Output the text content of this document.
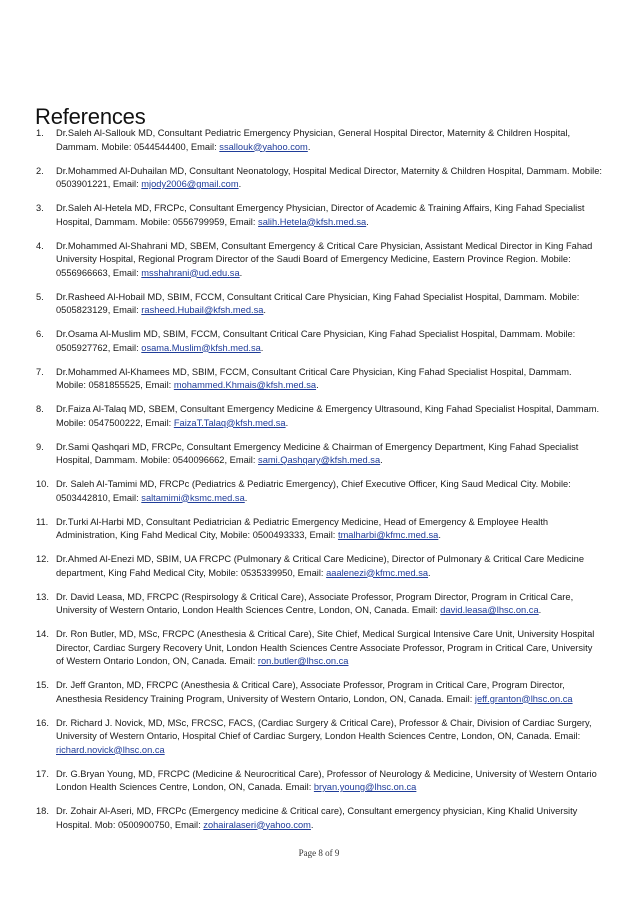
References
1.	Dr.Saleh Al-Sallouk MD, Consultant Pediatric Emergency Physician, General Hospital Director, Maternity & Children Hospital, Dammam. Mobile: 0544544400, Email: ssallouk@yahoo.com.
2.	Dr.Mohammed Al-Duhailan MD, Consultant Neonatology, Hospital Medical Director, Maternity & Children Hospital, Dammam. Mobile: 0503901221, Email: mjody2006@gmail.com.
3.	Dr.Saleh Al-Hetela MD, FRCPc, Consultant Emergency Physician, Director of Academic & Training Affairs, King Fahad Specialist Hospital, Dammam. Mobile: 0556799959, Email: salih.Hetela@kfsh.med.sa.
4.	Dr.Mohammed Al-Shahrani MD, SBEM, Consultant Emergency & Critical Care Physician, Assistant Medical Director in King Fahad University Hospital, Regional Program Director of the Saudi Board of Emergency Medicine, Eastern Province Region. Mobile: 0556966663, Email: msshahrani@ud.edu.sa.
5.	Dr.Rasheed Al-Hobail MD, SBIM, FCCM, Consultant Critical Care Physician, King Fahad Specialist Hospital, Dammam. Mobile: 0505823129, Email: rasheed.Hubail@kfsh.med.sa.
6.	Dr.Osama Al-Muslim MD, SBIM, FCCM, Consultant Critical Care Physician, King Fahad Specialist Hospital, Dammam. Mobile: 0505927762, Email: osama.Muslim@kfsh.med.sa.
7.	Dr.Mohammed Al-Khamees MD, SBIM, FCCM, Consultant Critical Care Physician, King Fahad Specialist Hospital, Dammam. Mobile: 0581855525, Email: mohammed.Khmais@kfsh.med.sa.
8.	Dr.Faiza Al-Talaq MD, SBEM, Consultant Emergency Medicine & Emergency Ultrasound, King Fahad Specialist Hospital, Dammam. Mobile: 0547500222, Email: FaizaT.Talaq@kfsh.med.sa.
9.	Dr.Sami Qashqari MD, FRCPc, Consultant Emergency Medicine & Chairman of Emergency Department, King Fahad Specialist Hospital, Dammam. Mobile: 0540096662, Email: sami.Qashqary@kfsh.med.sa.
10. Dr. Saleh Al-Tamimi MD, FRCPc (Pediatrics & Pediatric Emergency), Chief Executive Officer, King Saud Medical City. Mobile: 0503442810, Email: saltamimi@ksmc.med.sa.
11. Dr.Turki Al-Harbi MD, Consultant Pediatrician & Pediatric Emergency Medicine, Head of Emergency & Employee Health Administration, King Fahd Medical City, Mobile: 0500493333, Email: tmalharbi@kfmc.med.sa.
12. Dr.Ahmed Al-Enezi MD, SBIM, UA FRCPC (Pulmonary & Critical Care Medicine), Director of Pulmonary & Critical Care Medicine department, King Fahd Medical City, Mobile: 0535339950, Email: aaalenezi@kfmc.med.sa.
13. Dr. David Leasa, MD, FRCPC (Respirsology & Critical Care), Associate Professor, Program Director, Program in Critical Care, University of Western Ontario, London Health Sciences Centre, London, ON, Canada. Email: david.leasa@lhsc.on.ca.
14. Dr. Ron Butler, MD, MSc, FRCPC (Anesthesia & Critical Care), Site Chief, Medical Surgical Intensive Care Unit, University Hospital Director, Cardiac Surgery Recovery Unit, London Health Sciences Centre Associate Professor, Program in Critical Care, University of Western Ontario London, ON, Canada. Email: ron.butler@lhsc.on.ca
15. Dr. Jeff Granton, MD, FRCPC (Anesthesia & Critical Care), Associate Professor, Program in Critical Care, Program Director, Anesthesia Residency Training Program, University of Western Ontario, London, ON, Canada. Email: jeff.granton@lhsc.on.ca
16. Dr. Richard J. Novick, MD, MSc, FRCSC, FACS, (Cardiac Surgery & Critical Care), Professor & Chair, Division of Cardiac Surgery, University of Western Ontario, Hospital Chief of Cardiac Surgery, London Health Sciences Centre, London, ON, Canada. Email: richard.novick@lhsc.on.ca
17. Dr. G.Bryan Young, MD, FRCPC (Medicine & Neurocritical Care), Professor of Neurology & Medicine, University of Western Ontario London Health Sciences Centre, London, ON, Canada. Email: bryan.young@lhsc.on.ca
18. Dr. Zohair Al-Aseri, MD, FRCPc (Emergency medicine & Critical care), Consultant emergency physician, King Khalid University Hospital. Mob: 0500900750, Email: zohairalaseri@yahoo.com.
Page 8 of 9
